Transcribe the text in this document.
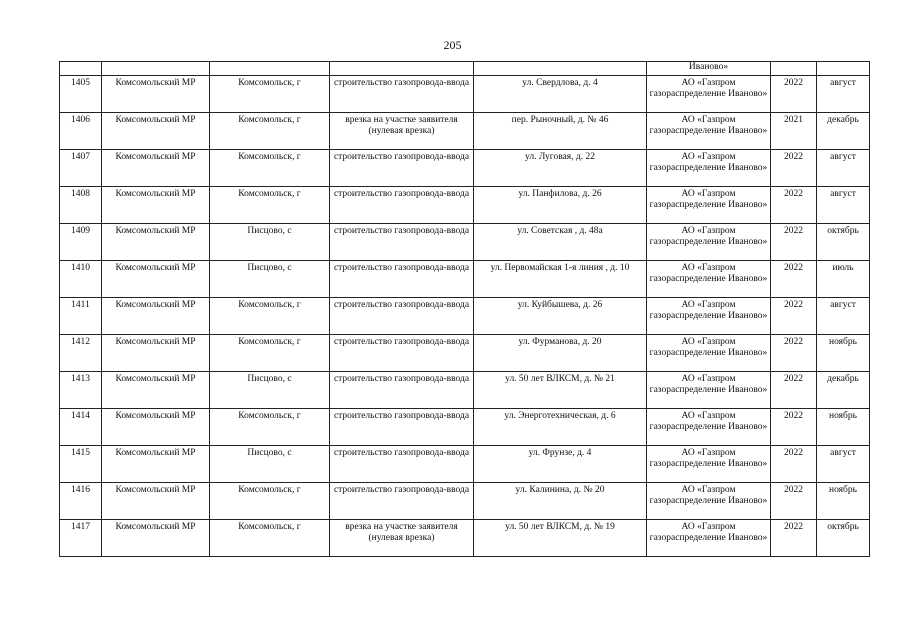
205
					Иваново»		
1405	Комсомольский МР	Комсомольск, г	строительство газопровода-ввода	ул. Свердлова, д. 4	АО «Газпром газораспределение Иваново»	2022	август
1406	Комсомольский МР	Комсомольск, г	врезка на участке заявителя (нулевая врезка)	пер. Рыночный, д. № 46	АО «Газпром газораспределение Иваново»	2021	декабрь
1407	Комсомольский МР	Комсомольск, г	строительство газопровода-ввода	ул. Луговая, д. 22	АО «Газпром газораспределение Иваново»	2022	август
1408	Комсомольский МР	Комсомольск, г	строительство газопровода-ввода	ул. Панфилова, д. 26	АО «Газпром газораспределение Иваново»	2022	август
1409	Комсомольский МР	Писцово, с	строительство газопровода-ввода	ул. Советская , д. 48а	АО «Газпром газораспределение Иваново»	2022	октябрь
1410	Комсомольский МР	Писцово, с	строительство газопровода-ввода	ул. Первомайская 1-я линия , д. 10	АО «Газпром газораспределение Иваново»	2022	июль
1411	Комсомольский МР	Комсомольск, г	строительство газопровода-ввода	ул. Куйбышева, д. 26	АО «Газпром газораспределение Иваново»	2022	август
1412	Комсомольский МР	Комсомольск, г	строительство газопровода-ввода	ул. Фурманова, д. 20	АО «Газпром газораспределение Иваново»	2022	ноябрь
1413	Комсомольский МР	Писцово, с	строительство газопровода-ввода	ул. 50 лет ВЛКСМ, д. № 21	АО «Газпром газораспределение Иваново»	2022	декабрь
1414	Комсомольский МР	Комсомольск, г	строительство газопровода-ввода	ул. Энерготехническая, д. 6	АО «Газпром газораспределение Иваново»	2022	ноябрь
1415	Комсомольский МР	Писцово, с	строительство газопровода-ввода	ул. Фрунзе, д. 4	АО «Газпром газораспределение Иваново»	2022	август
1416	Комсомольский МР	Комсомольск, г	строительство газопровода-ввода	ул. Калинина, д. № 20	АО «Газпром газораспределение Иваново»	2022	ноябрь
1417	Комсомольский МР	Комсомольск, г	врезка на участке заявителя (нулевая врезка)	ул. 50 лет ВЛКСМ, д. № 19	АО «Газпром газораспределение Иваново»	2022	октябрь
